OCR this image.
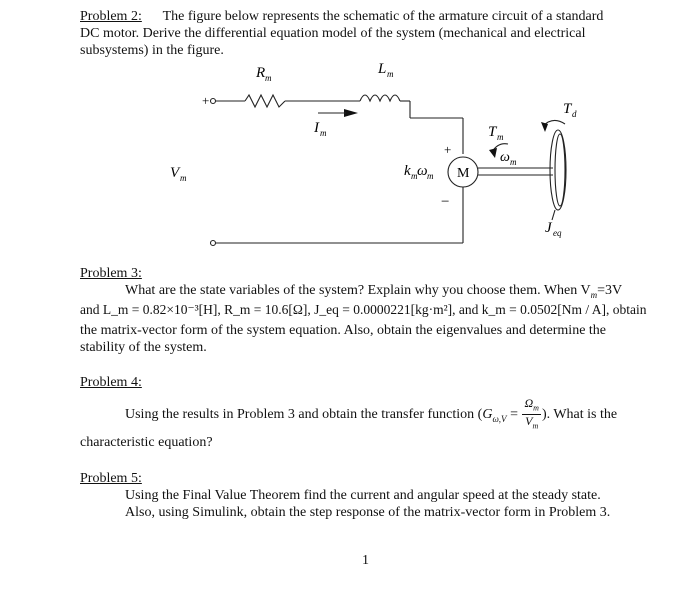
Problem 2: The figure below represents the schematic of the armature circuit of a standard
DC motor. Derive the differential equation model of the system (mechanical and electrical
subsystems) in the figure.
+
R m
L m
I m
V m	M
+
−
k m ω m
T m
ω m
T d
J eq
Problem 3:
What are the state variables of the system? Explain why you choose them. When $V_m=3V$
and L_m = 0.82×10⁻³[H], R_m = 10.6[Ω], J_eq = 0.0000221[kg·m²], and k_m = 0.0502[Nm / A], obtain
the matrix-vector form of the system equation. Also, obtain the eigenvalues and determine the
stability of the system.
Problem 4:
Using the results in Problem 3 and obtain the transfer function ($G_{\omega,V} = \frac{\Omega_m}{V_m}$ ). What is the
characteristic equation?
Problem 5:
Using the Final Value Theorem find the current and angular speed at the steady state.
Also, using Simulink, obtain the step response of the matrix-vector form in Problem 3.
1
